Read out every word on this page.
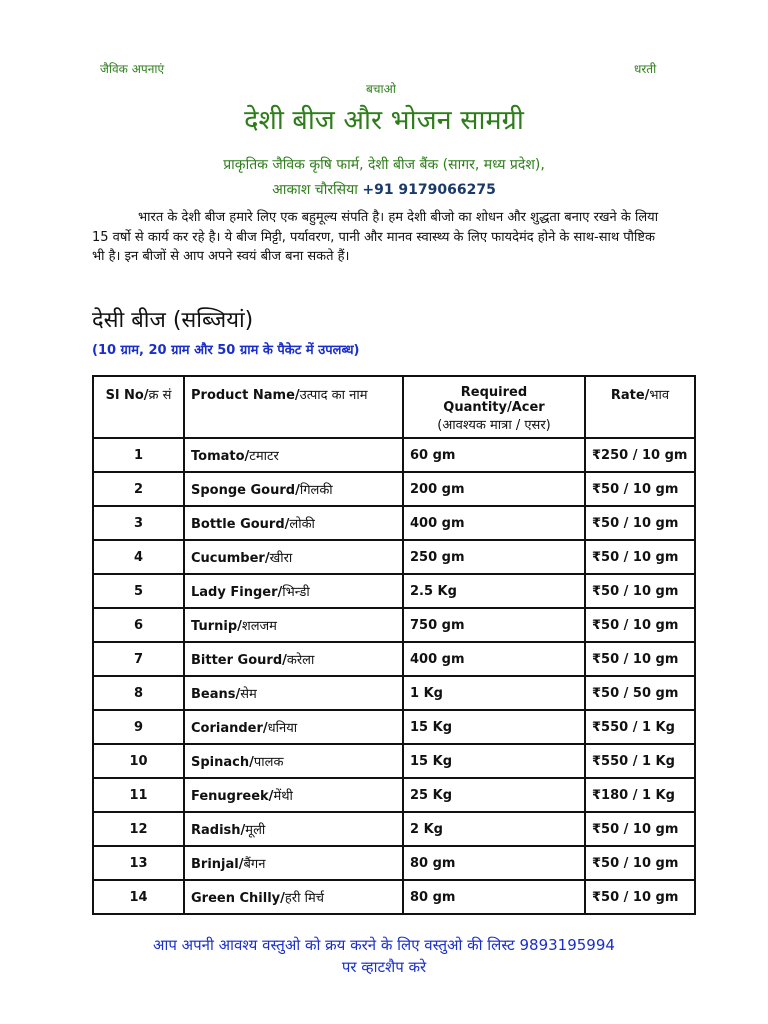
जैविक अपनाएं	धरती
बचाओ
देशी बीज और भोजन सामग्री
प्राकृतिक जैविक कृषि फार्म, देशी बीज बैंक (सागर, मध्य प्रदेश),
आकाश चौरसिया +91 9179066275
भारत के देशी बीज हमारे लिए एक बहुमूल्य संपति है। हम देशी बीजो का शोधन और शुद्धता बनाए रखने के लिया 15 वर्षो से कार्य कर रहे है। ये बीज मिट्टी, पर्यावरण, पानी और मानव स्वास्थ्य के लिए फायदेमंद होने के साथ-साथ पौष्टिक भी है। इन बीजों से आप अपने स्वयं बीज बना सकते हैं।
देसी बीज (सब्जियां)
(10 ग्राम, 20 ग्राम और 50 ग्राम के पैकेट में उपलब्ध)
Sl No/क्र सं	Product Name/उत्पाद का नाम	Required Quantity/Acer
(आवश्यक मात्रा / एसर)	Rate/भाव
1	Tomato/टमाटर	60 gm	₹250 / 10 gm
2	Sponge Gourd/गिलकी	200 gm	₹50 / 10 gm
3	Bottle Gourd/लोकी	400 gm	₹50 / 10 gm
4	Cucumber/खीरा	250 gm	₹50 / 10 gm
5	Lady Finger/भिन्डी	2.5 Kg	₹50 / 10 gm
6	Turnip/शलजम	750 gm	₹50 / 10 gm
7	Bitter Gourd/करेला	400 gm	₹50 / 10 gm
8	Beans/सेम	1 Kg	₹50 / 50 gm
9	Coriander/धनिया	15 Kg	₹550 / 1 Kg
10	Spinach/पालक	15 Kg	₹550 / 1 Kg
11	Fenugreek/मेंथी	25 Kg	₹180 / 1 Kg
12	Radish/मूली	2 Kg	₹50 / 10 gm
13	Brinjal/बैंगन	80 gm	₹50 / 10 gm
14	Green Chilly/हरी मिर्च	80 gm	₹50 / 10 gm
आप अपनी आवश्य वस्तुओ को क्रय करने के लिए वस्तुओ की लिस्ट 9893195994
पर व्हाटशैप करे
